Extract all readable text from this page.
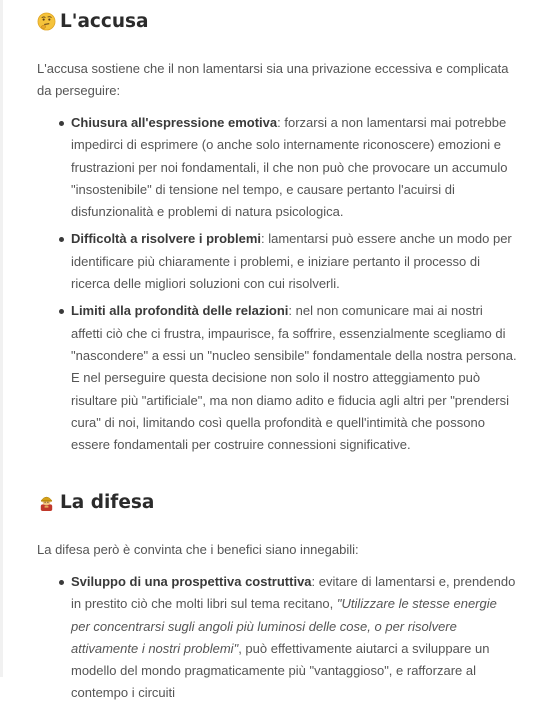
L'accusa

L'accusa sostiene che il non lamentarsi sia una privazione eccessiva e complicata da perseguire:

Chiusura all'espressione emotiva: forzarsi a non lamentarsi mai potrebbe impedirci di esprimere (o anche solo internamente riconoscere) emozioni e frustrazioni per noi fondamentali, il che non può che provocare un accumulo "insostenibile" di tensione nel tempo, e causare pertanto l'acuirsi di disfunzionalità e problemi di natura psicologica.
Difficoltà a risolvere i problemi: lamentarsi può essere anche un modo per identificare più chiaramente i problemi, e iniziare pertanto il processo di ricerca delle migliori soluzioni con cui risolverli.
Limiti alla profondità delle relazioni: nel non comunicare mai ai nostri affetti ciò che ci frustra, impaurisce, fa soffrire, essenzialmente scegliamo di "nascondere" a essi un "nucleo sensibile" fondamentale della nostra persona. E nel perseguire questa decisione non solo il nostro atteggiamento può risultare più "artificiale", ma non diamo adito e fiducia agli altri per "prendersi cura" di noi, limitando così quella profondità e quell'intimità che possono essere fondamentali per costruire connessioni significative.
La difesa

La difesa però è convinta che i benefici siano innegabili:

Sviluppo di una prospettiva costruttiva: evitare di lamentarsi e, prendendo in prestito ciò che molti libri sul tema recitano, "Utilizzare le stesse energie per concentrarsi sugli angoli più luminosi delle cose, o per risolvere attivamente i nostri problemi", può effettivamente aiutarci a sviluppare un modello del mondo pragmaticamente più "vantaggioso", e rafforzare al contempo i circuiti
